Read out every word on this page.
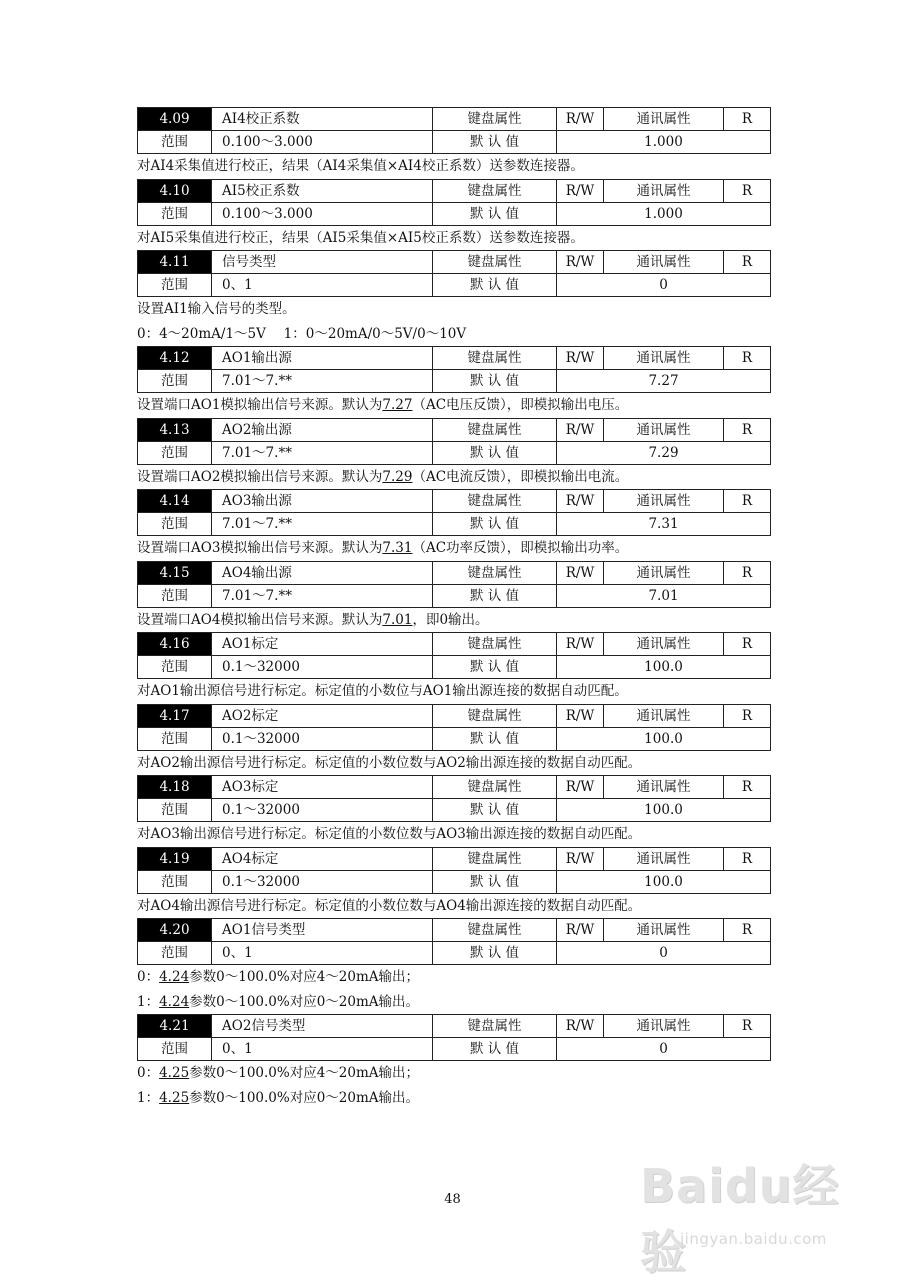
4.09	AI4校正系数	键盘属性	R/W	通讯属性	R
范围	0.100～3.000	默 认 值	1.000		
对AI4采集值进行校正，结果（AI4采集值×AI4校正系数）送参数连接器。
4.10	AI5校正系数	键盘属性	R/W	通讯属性	R
范围	0.100～3.000	默 认 值	1.000		
对AI5采集值进行校正，结果（AI5采集值×AI5校正系数）送参数连接器。
4.11	信号类型	键盘属性	R/W	通讯属性	R
范围	0、1	默 认 值	0		
设置AI1输入信号的类型。
0：4～20mA/1～5V　 1：0～20mA/0～5V/0～10V
4.12	AO1输出源	键盘属性	R/W	通讯属性	R
范围	7.01～7.**	默 认 值	7.27		
设置端口AO1模拟输出信号来源。默认为7.27（AC电压反馈），即模拟输出电压。
4.13	AO2输出源	键盘属性	R/W	通讯属性	R
范围	7.01～7.**	默 认 值	7.29		
设置端口AO2模拟输出信号来源。默认为7.29（AC电流反馈），即模拟输出电流。
4.14	AO3输出源	键盘属性	R/W	通讯属性	R
范围	7.01～7.**	默 认 值	7.31		
设置端口AO3模拟输出信号来源。默认为7.31（AC功率反馈），即模拟输出功率。
4.15	AO4输出源	键盘属性	R/W	通讯属性	R
范围	7.01～7.**	默 认 值	7.01		
设置端口AO4模拟输出信号来源。默认为7.01，即0输出。
4.16	AO1标定	键盘属性	R/W	通讯属性	R
范围	0.1～32000	默 认 值	100.0		
对AO1输出源信号进行标定。标定值的小数位与AO1输出源连接的数据自动匹配。
4.17	AO2标定	键盘属性	R/W	通讯属性	R
范围	0.1～32000	默 认 值	100.0		
对AO2输出源信号进行标定。标定值的小数位数与AO2输出源连接的数据自动匹配。
4.18	AO3标定	键盘属性	R/W	通讯属性	R
范围	0.1～32000	默 认 值	100.0		
对AO3输出源信号进行标定。标定值的小数位数与AO3输出源连接的数据自动匹配。
4.19	AO4标定	键盘属性	R/W	通讯属性	R
范围	0.1～32000	默 认 值	100.0		
对AO4输出源信号进行标定。标定值的小数位数与AO4输出源连接的数据自动匹配。
4.20	AO1信号类型	键盘属性	R/W	通讯属性	R
范围	0、1	默 认 值	0		
0：4.24参数0～100.0%对应4～20mA输出；
1：4.24参数0～100.0%对应0～20mA输出。
4.21	AO2信号类型	键盘属性	R/W	通讯属性	R
范围	0、1	默 认 值	0		
0：4.25参数0～100.0%对应4～20mA输出；
1：4.25参数0～100.0%对应0～20mA输出。
48	Baidu经验
jingyan.baidu.com
